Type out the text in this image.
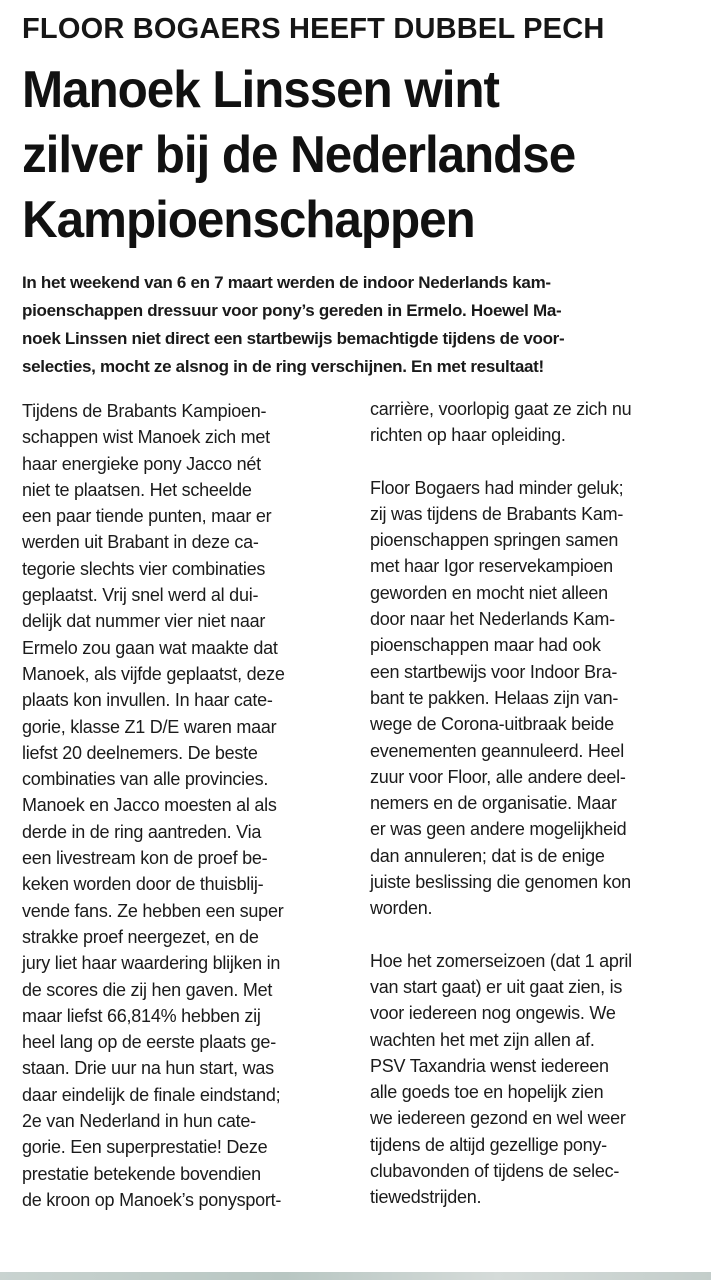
FLOOR BOGAERS HEEFT DUBBEL PECH
Manoek Linssen wint
zilver bij de Nederlandse
Kampioenschappen
In het weekend van 6 en 7 maart werden de indoor Nederlands kam-
pioenschappen dressuur voor pony’s gereden in Ermelo. Hoewel Ma-
noek Linssen niet direct een startbewijs bemachtigde tijdens de voor-
selecties, mocht ze alsnog in de ring verschijnen. En met resultaat!
Tijdens de Brabants Kampioen-
schappen wist Manoek zich met
haar energieke pony Jacco nét
niet te plaatsen. Het scheelde
een paar tiende punten, maar er
werden uit Brabant in deze ca-
tegorie slechts vier combinaties
geplaatst. Vrij snel werd al dui-
delijk dat nummer vier niet naar
Ermelo zou gaan wat maakte dat
Manoek, als vijfde geplaatst, deze
plaats kon invullen. In haar cate-
gorie, klasse Z1 D/E waren maar
liefst 20 deelnemers. De beste
combinaties van alle provincies.
Manoek en Jacco moesten al als
derde in de ring aantreden. Via
een livestream kon de proef be-
keken worden door de thuisblij-
vende fans. Ze hebben een super
strakke proef neergezet, en de
jury liet haar waardering blijken in
de scores die zij hen gaven. Met
maar liefst 66,814% hebben zij
heel lang op de eerste plaats ge-
staan. Drie uur na hun start, was
daar eindelijk de finale eindstand;
2e van Nederland in hun cate-
gorie. Een superprestatie! Deze
prestatie betekende bovendien
de kroon op Manoek’s ponysport-
carrière, voorlopig gaat ze zich nu
richten op haar opleiding.
Floor Bogaers had minder geluk;
zij was tijdens de Brabants Kam-
pioenschappen springen samen
met haar Igor reservekampioen
geworden en mocht niet alleen
door naar het Nederlands Kam-
pioenschappen maar had ook
een startbewijs voor Indoor Bra-
bant te pakken. Helaas zijn van-
wege de Corona-uitbraak beide
evenementen geannuleerd. Heel
zuur voor Floor, alle andere deel-
nemers en de organisatie. Maar
er was geen andere mogelijkheid
dan annuleren; dat is de enige
juiste beslissing die genomen kon
worden.
Hoe het zomerseizoen (dat 1 april
van start gaat) er uit gaat zien, is
voor iedereen nog ongewis. We
wachten het met zijn allen af.
PSV Taxandria wenst iedereen
alle goeds toe en hopelijk zien
we iedereen gezond en wel weer
tijdens de altijd gezellige pony-
clubavonden of tijdens de selec-
tiewedstrijden.
